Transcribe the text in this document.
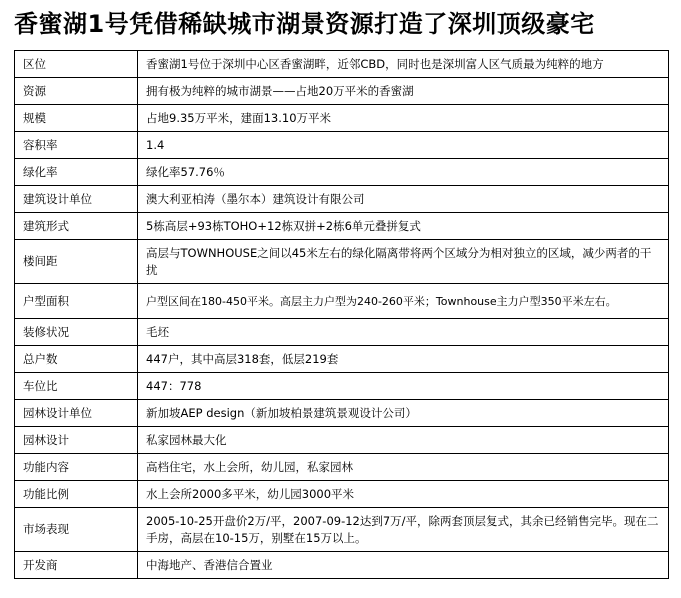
香蜜湖1号凭借稀缺城市湖景资源打造了深圳顶级豪宅
区位	香蜜湖1号位于深圳中心区香蜜湖畔，近邻CBD，同时也是深圳富人区气质最为纯粹的地方
资源	拥有极为纯粹的城市湖景——占地20万平米的香蜜湖
规模	占地9.35万平米，建面13.10万平米
容积率	1.4
绿化率	绿化率57.76％
建筑设计单位	澳大利亚柏涛（墨尔本）建筑设计有限公司
建筑形式	5栋高层+93栋TOHO+12栋双拼+2栋6单元叠拼复式
楼间距	高层与TOWNHOUSE之间以45米左右的绿化隔离带将两个区域分为相对独立的区域，减少两者的干扰
户型面积	户型区间在180-450平米。高层主力户型为240-260平米；Townhouse主力户型350平米左右。
装修状况	毛坯
总户数	447户，其中高层318套，低层219套
车位比	447：778
园林设计单位	新加坡AEP design（新加坡柏景建筑景观设计公司）
园林设计	私家园林最大化
功能内容	高档住宅，水上会所，幼儿园，私家园林
功能比例	水上会所2000多平米，幼儿园3000平米
市场表现	2005-10-25开盘价2万/平，2007-09-12达到7万/平，除两套顶层复式，其余已经销售完毕。现在二手房，高层在10-15万，别墅在15万以上。
开发商	中海地产、香港信合置业
